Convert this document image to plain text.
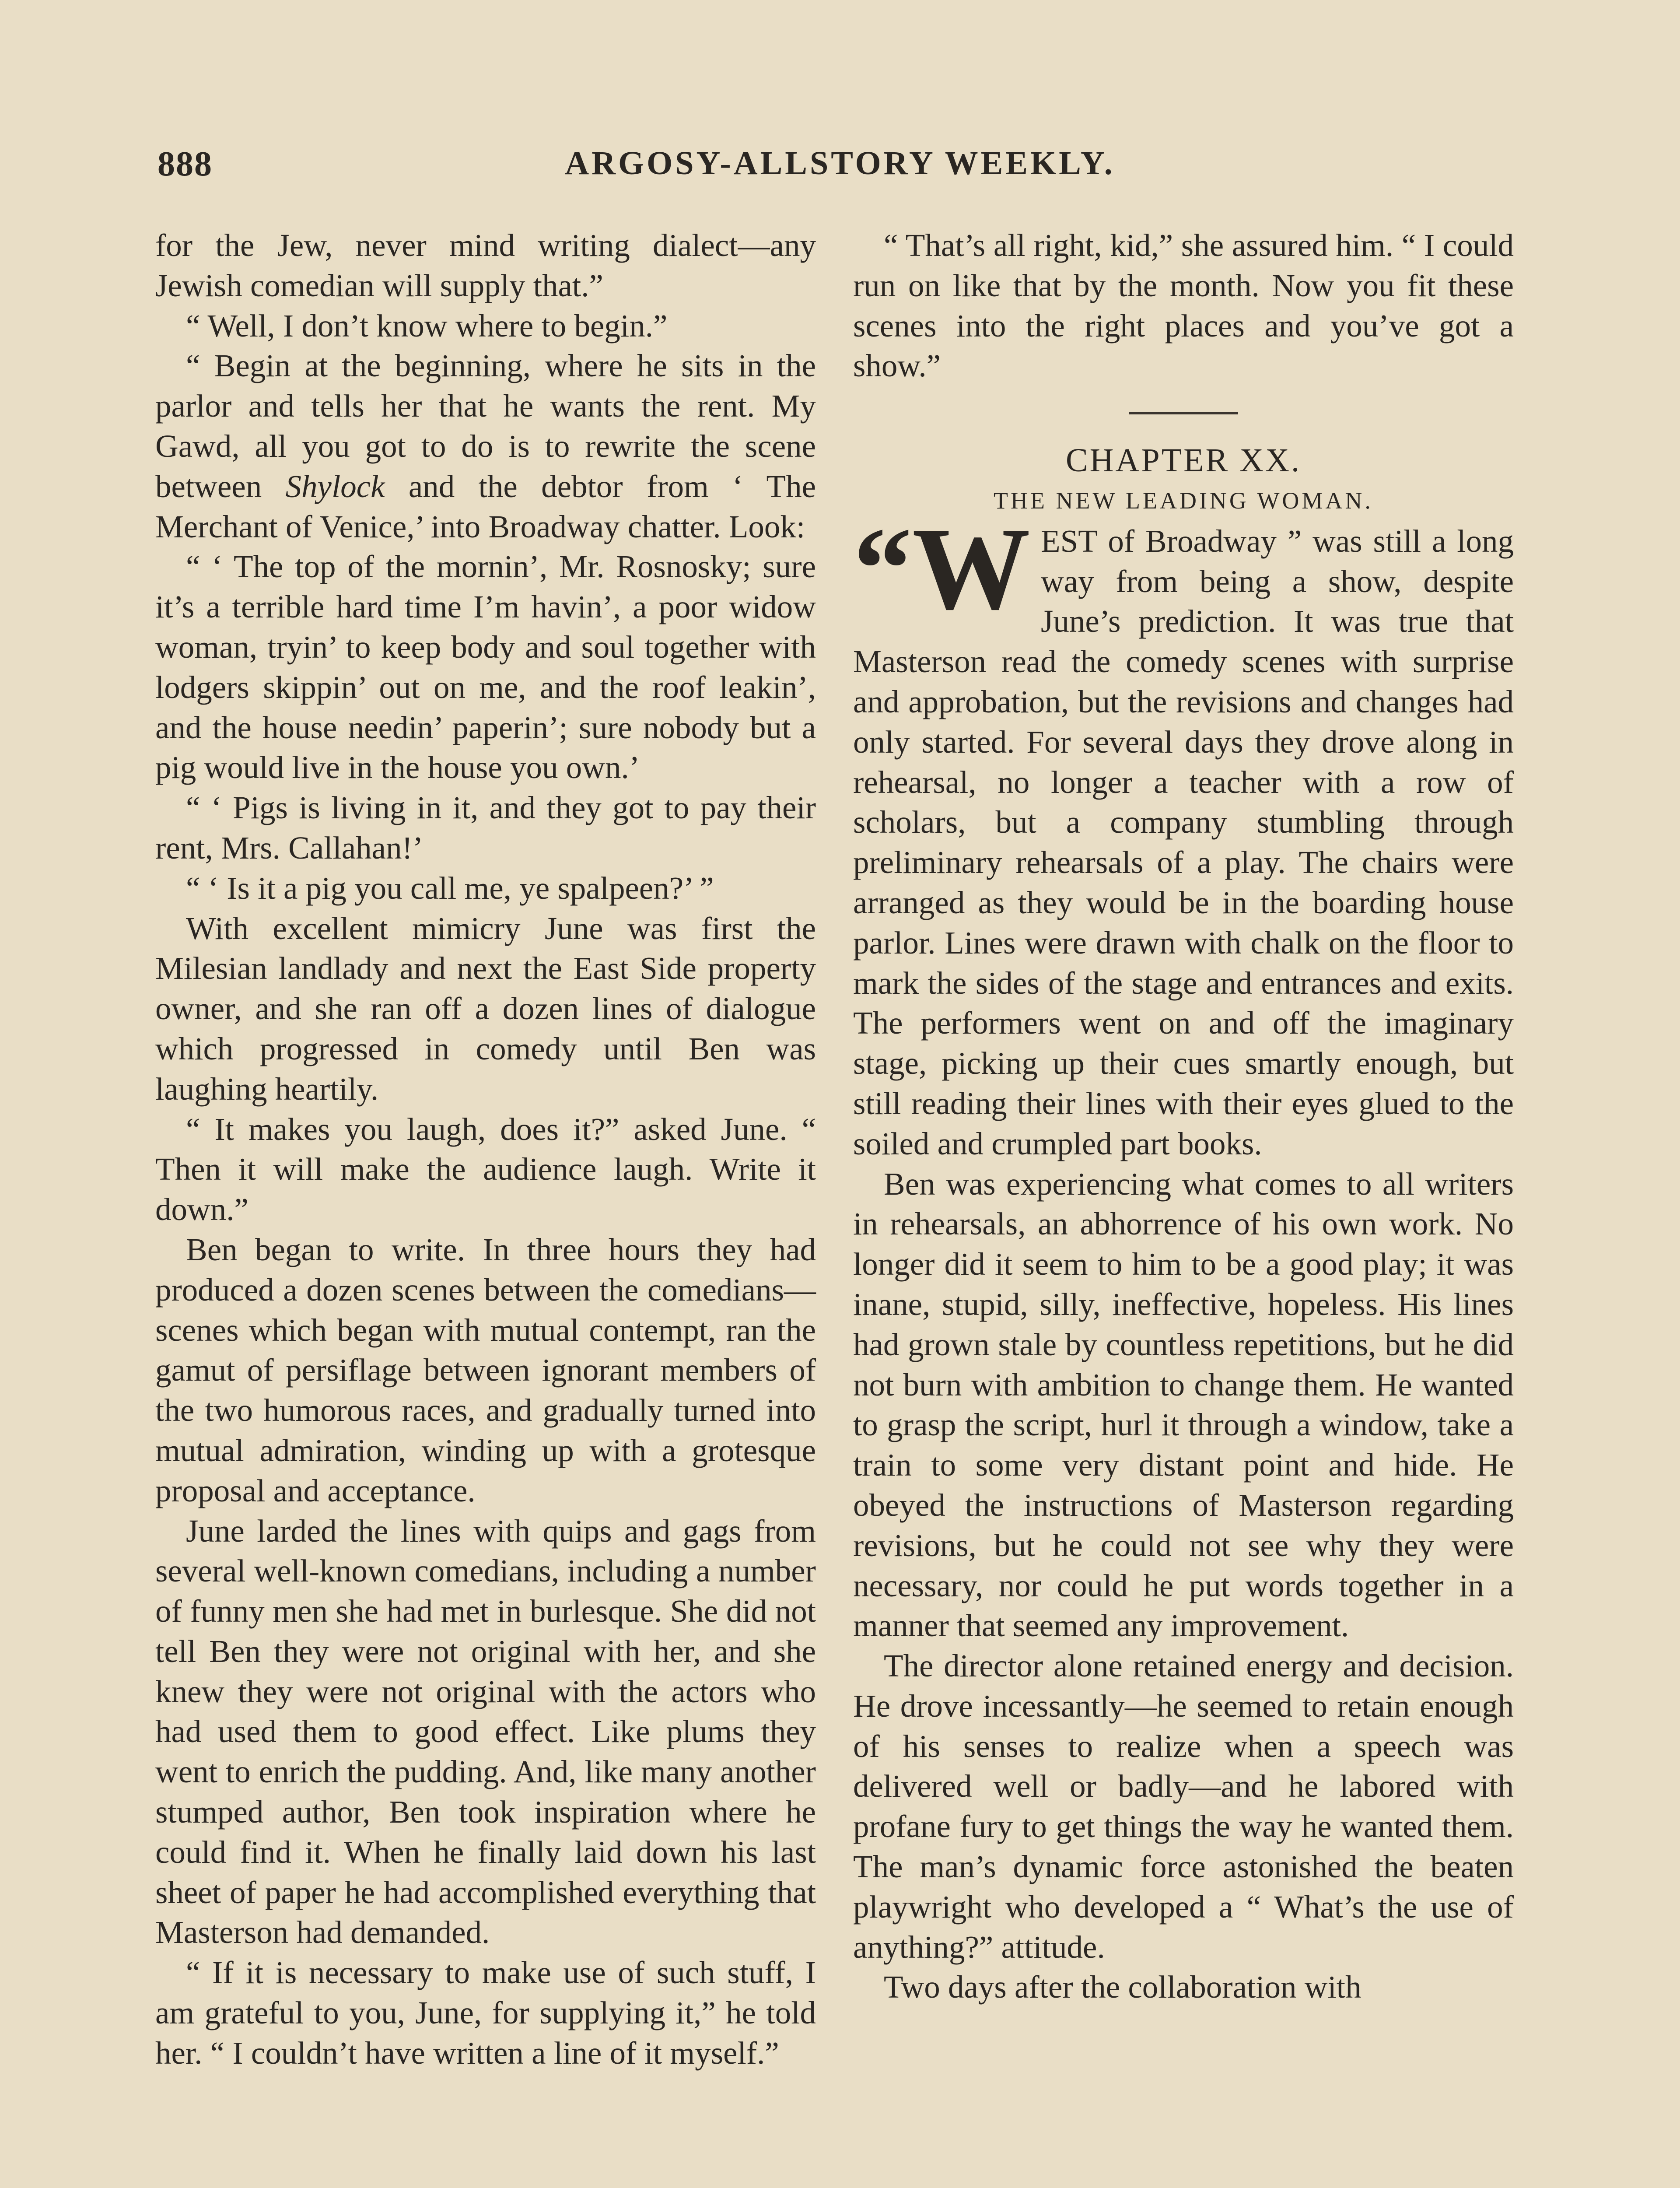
888	ARGOSY-ALLSTORY WEEKLY.

for the Jew, never mind writing dialect—any Jewish comedian will supply that.”

“ Well, I don’t know where to begin.”

“ Begin at the beginning, where he sits in the parlor and tells her that he wants the rent. My Gawd, all you got to do is to rewrite the scene between Shylock and the debtor from ‘ The Merchant of Venice,’ into Broadway chatter. Look:

“ ‘ The top of the mornin’, Mr. Rosnosky; sure it’s a terrible hard time I’m havin’, a poor widow woman, tryin’ to keep body and soul together with lodgers skippin’ out on me, and the roof leakin’, and the house needin’ paperin’; sure nobody but a pig would live in the house you own.’

“ ‘ Pigs is living in it, and they got to pay their rent, Mrs. Callahan!’

“ ‘ Is it a pig you call me, ye spalpeen?’ ”

With excellent mimicry June was first the Milesian landlady and next the East Side property owner, and she ran off a dozen lines of dialogue which progressed in comedy until Ben was laughing heartily.

“ It makes you laugh, does it?” asked June. “ Then it will make the audience laugh. Write it down.”

Ben began to write. In three hours they had produced a dozen scenes between the comedians—scenes which began with mutual contempt, ran the gamut of persiflage between ignorant members of the two humorous races, and gradually turned into mutual admiration, winding up with a grotesque proposal and acceptance.

June larded the lines with quips and gags from several well-known comedians, including a number of funny men she had met in burlesque. She did not tell Ben they were not original with her, and she knew they were not original with the actors who had used them to good effect. Like plums they went to enrich the pudding. And, like many another stumped author, Ben took inspiration where he could find it. When he finally laid down his last sheet of paper he had accomplished everything that Masterson had demanded.

“ If it is necessary to make use of such stuff, I am grateful to you, June, for supplying it,” he told her. “ I couldn’t have written a line of it myself.”

“ That’s all right, kid,” she assured him. “ I could run on like that by the month. Now you fit these scenes into the right places and you’ve got a show.”

CHAPTER XX.

THE NEW LEADING WOMAN.

“WEST of Broadway ” was still a long way from being a show, despite June’s prediction. It was true that Masterson read the comedy scenes with surprise and approbation, but the revisions and changes had only started. For several days they drove along in rehearsal, no longer a teacher with a row of scholars, but a company stumbling through preliminary rehearsals of a play. The chairs were arranged as they would be in the boarding house parlor. Lines were drawn with chalk on the floor to mark the sides of the stage and entrances and exits. The performers went on and off the imaginary stage, picking up their cues smartly enough, but still reading their lines with their eyes glued to the soiled and crumpled part books.

Ben was experiencing what comes to all writers in rehearsals, an abhorrence of his own work. No longer did it seem to him to be a good play; it was inane, stupid, silly, ineffective, hopeless. His lines had grown stale by countless repetitions, but he did not burn with ambition to change them. He wanted to grasp the script, hurl it through a window, take a train to some very distant point and hide. He obeyed the instructions of Masterson regarding revisions, but he could not see why they were necessary, nor could he put words together in a manner that seemed any improvement.

The director alone retained energy and decision. He drove incessantly—he seemed to retain enough of his senses to realize when a speech was delivered well or badly—and he labored with profane fury to get things the way he wanted them. The man’s dynamic force astonished the beaten playwright who developed a “ What’s the use of anything?” attitude.

Two days after the collaboration with
